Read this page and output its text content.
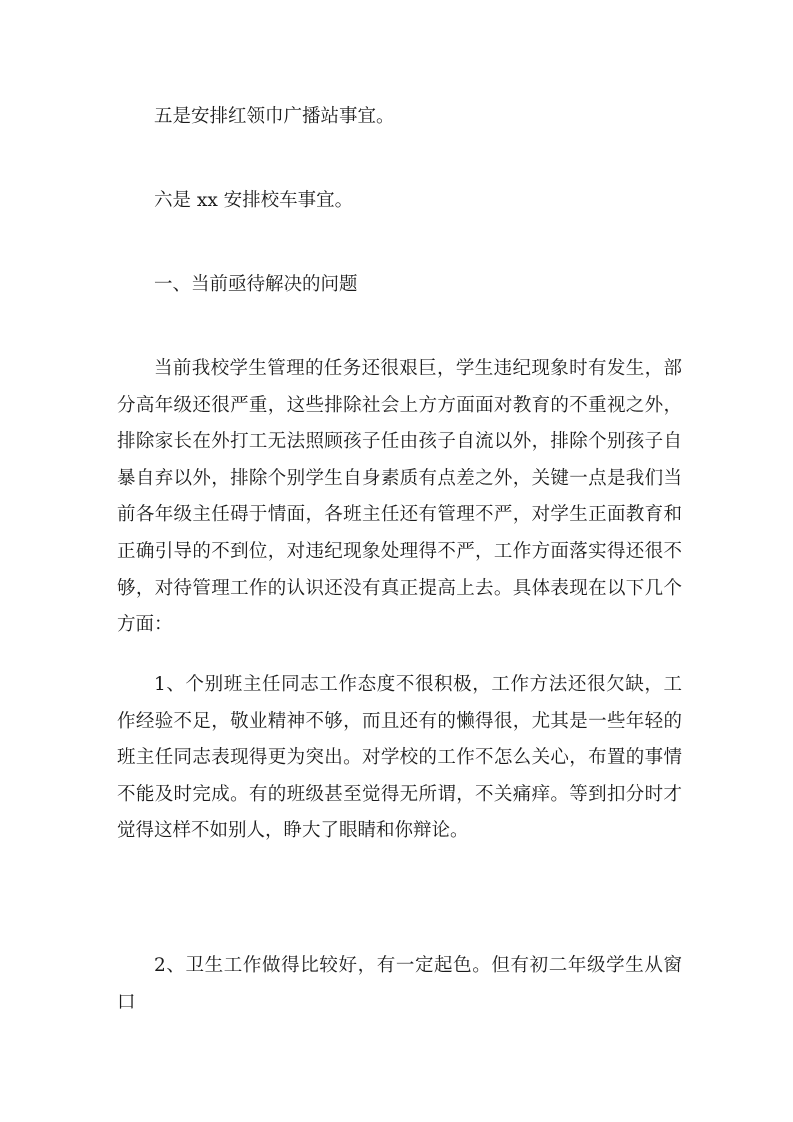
五是安排红领巾广播站事宜。

六是 xx 安排校车事宜。

一、当前亟待解决的问题

当前我校学生管理的任务还很艰巨，学生违纪现象时有发生，部分高年级还很严重，这些排除社会上方方面面对教育的不重视之外，排除家长在外打工无法照顾孩子任由孩子自流以外，排除个别孩子自暴自弃以外，排除个别学生自身素质有点差之外，关键一点是我们当前各年级主任碍于情面，各班主任还有管理不严，对学生正面教育和正确引导的不到位，对违纪现象处理得不严，工作方面落实得还很不够，对待管理工作的认识还没有真正提高上去。具体表现在以下几个方面：

1、个别班主任同志工作态度不很积极，工作方法还很欠缺，工作经验不足，敬业精神不够，而且还有的懒得很，尤其是一些年轻的班主任同志表现得更为突出。对学校的工作不怎么关心，布置的事情不能及时完成。有的班级甚至觉得无所谓，不关痛痒。等到扣分时才觉得这样不如别人，睁大了眼睛和你辩论。

2、卫生工作做得比较好，有一定起色。但有初二年级学生从窗口
